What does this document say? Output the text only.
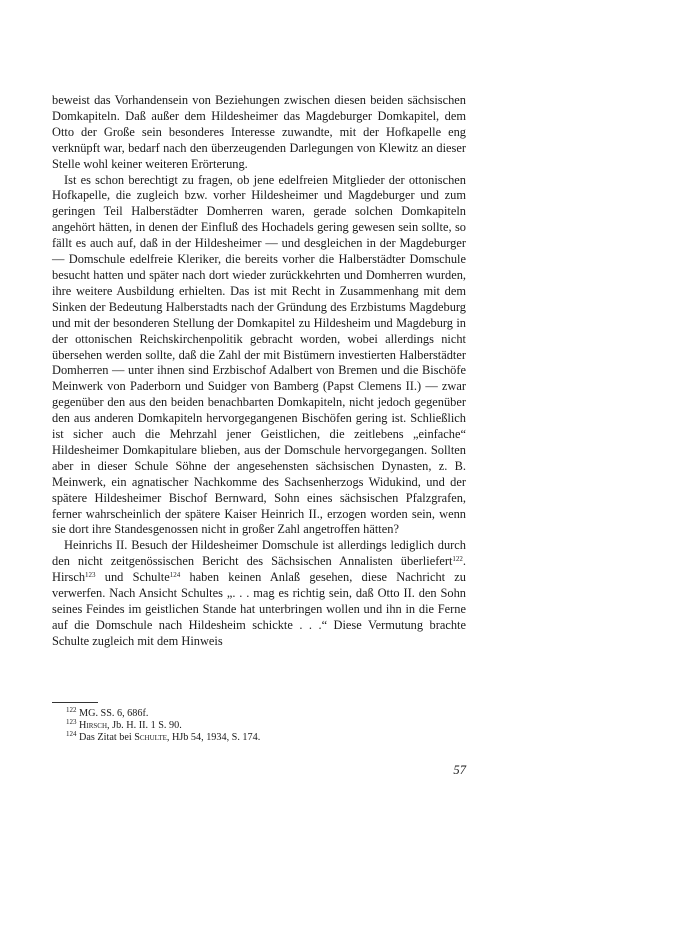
beweist das Vorhandensein von Beziehungen zwischen diesen beiden sächsischen Domkapiteln. Daß außer dem Hildesheimer das Magdeburger Domkapitel, dem Otto der Große sein besonderes Interesse zuwandte, mit der Hofkapelle eng verknüpft war, bedarf nach den überzeugenden Darlegungen von Klewitz an dieser Stelle wohl keiner weiteren Erörterung.

Ist es schon berechtigt zu fragen, ob jene edelfreien Mitglieder der ottonischen Hofkapelle, die zugleich bzw. vorher Hildesheimer und Magdeburger und zum geringen Teil Halberstädter Domherren waren, gerade solchen Domkapiteln angehört hätten, in denen der Einfluß des Hochadels gering gewesen sein sollte, so fällt es auch auf, daß in der Hildesheimer — und desgleichen in der Magdeburger — Domschule edelfreie Kleriker, die bereits vorher die Halberstädter Domschule besucht hatten und später nach dort wieder zurückkehrten und Domherren wurden, ihre weitere Ausbildung erhielten. Das ist mit Recht in Zusammenhang mit dem Sinken der Bedeutung Halberstadts nach der Gründung des Erzbistums Magdeburg und mit der besonderen Stellung der Domkapitel zu Hildesheim und Magdeburg in der ottonischen Reichskirchenpolitik gebracht worden, wobei allerdings nicht übersehen werden sollte, daß die Zahl der mit Bistümern investierten Halberstädter Domherren — unter ihnen sind Erzbischof Adalbert von Bremen und die Bischöfe Meinwerk von Paderborn und Suidger von Bamberg (Papst Clemens II.) — zwar gegenüber den aus den beiden benachbarten Domkapiteln, nicht jedoch gegenüber den aus anderen Domkapiteln hervorgegangenen Bischöfen gering ist. Schließlich ist sicher auch die Mehrzahl jener Geistlichen, die zeitlebens „einfache“ Hildesheimer Domkapitulare blieben, aus der Domschule hervorgegangen. Sollten aber in dieser Schule Söhne der angesehensten sächsischen Dynasten, z. B. Meinwerk, ein agnatischer Nachkomme des Sachsenherzogs Widukind, und der spätere Hildesheimer Bischof Bernward, Sohn eines sächsischen Pfalzgrafen, ferner wahrscheinlich der spätere Kaiser Heinrich II., erzogen worden sein, wenn sie dort ihre Standesgenossen nicht in großer Zahl angetroffen hätten?

Heinrichs II. Besuch der Hildesheimer Domschule ist allerdings lediglich durch den nicht zeitgenössischen Bericht des Sächsischen Annalisten überliefert$^{122}$. Hirsch$^{123}$ und Schulte$^{124}$ haben keinen Anlaß gesehen, diese Nachricht zu verwerfen. Nach Ansicht Schultes „. . . mag es richtig sein, daß Otto II. den Sohn seines Feindes im geistlichen Stande hat unterbringen wollen und ihn in die Ferne auf die Domschule nach Hildesheim schickte . . .“ Diese Vermutung brachte Schulte zugleich mit dem Hinweis

$^{122}$ MG. SS. 6, 686f.
$^{123}$ Hirsch, Jb. H. II. 1 S. 90.
$^{124}$ Das Zitat bei Schulte, HJb 54, 1934, S. 174.
57
